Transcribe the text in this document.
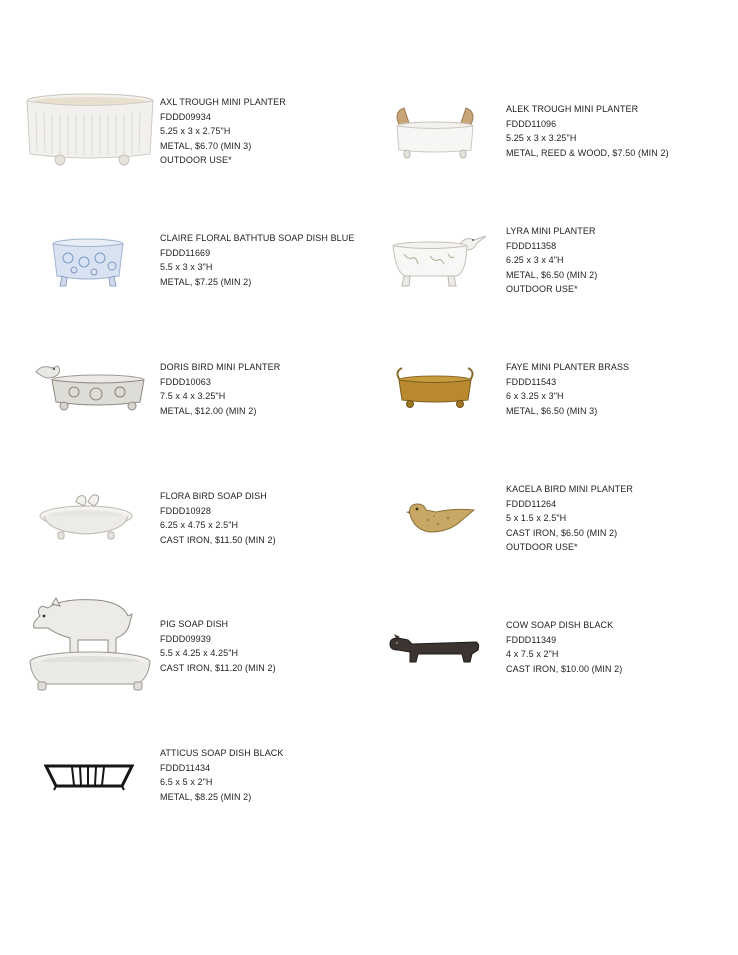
AXL TROUGH MINI PLANTER
FDDD09934
5.25 x 3 x 2.75"H
METAL, $6.70 (MIN 3)
OUTDOOR USE*
ALEK TROUGH MINI PLANTER
FDDD11096
5.25 x 3 x 3.25"H
METAL, REED & WOOD, $7.50 (MIN 2)
CLAIRE FLORAL BATHTUB SOAP DISH BLUE
FDDD11669
5.5 x 3 x 3"H
METAL, $7.25 (MIN 2)
LYRA MINI PLANTER
FDDD11358
6.25 x 3 x 4"H
METAL, $6.50 (MIN 2)
OUTDOOR USE*
DORIS BIRD MINI PLANTER
FDDD10063
7.5 x 4 x 3.25"H
METAL, $12.00 (MIN 2)
FAYE MINI PLANTER BRASS
FDDD11543
6 x 3.25 x 3"H
METAL, $6.50 (MIN 3)
FLORA BIRD SOAP DISH
FDDD10928
6.25 x 4.75 x 2.5"H
CAST IRON, $11.50 (MIN 2)
KACELA BIRD MINI PLANTER
FDDD11264
5 x 1.5 x 2.5"H
CAST IRON, $6.50 (MIN 2)
OUTDOOR USE*
PIG SOAP DISH
FDDD09939
5.5 x 4.25 x 4.25"H
CAST IRON, $11.20 (MIN 2)
COW SOAP DISH BLACK
FDDD11349
4 x 7.5 x 2"H
CAST IRON, $10.00 (MIN 2)
ATTICUS SOAP DISH BLACK
FDDD11434
6.5 x 5 x 2"H
METAL, $8.25 (MIN 2)
